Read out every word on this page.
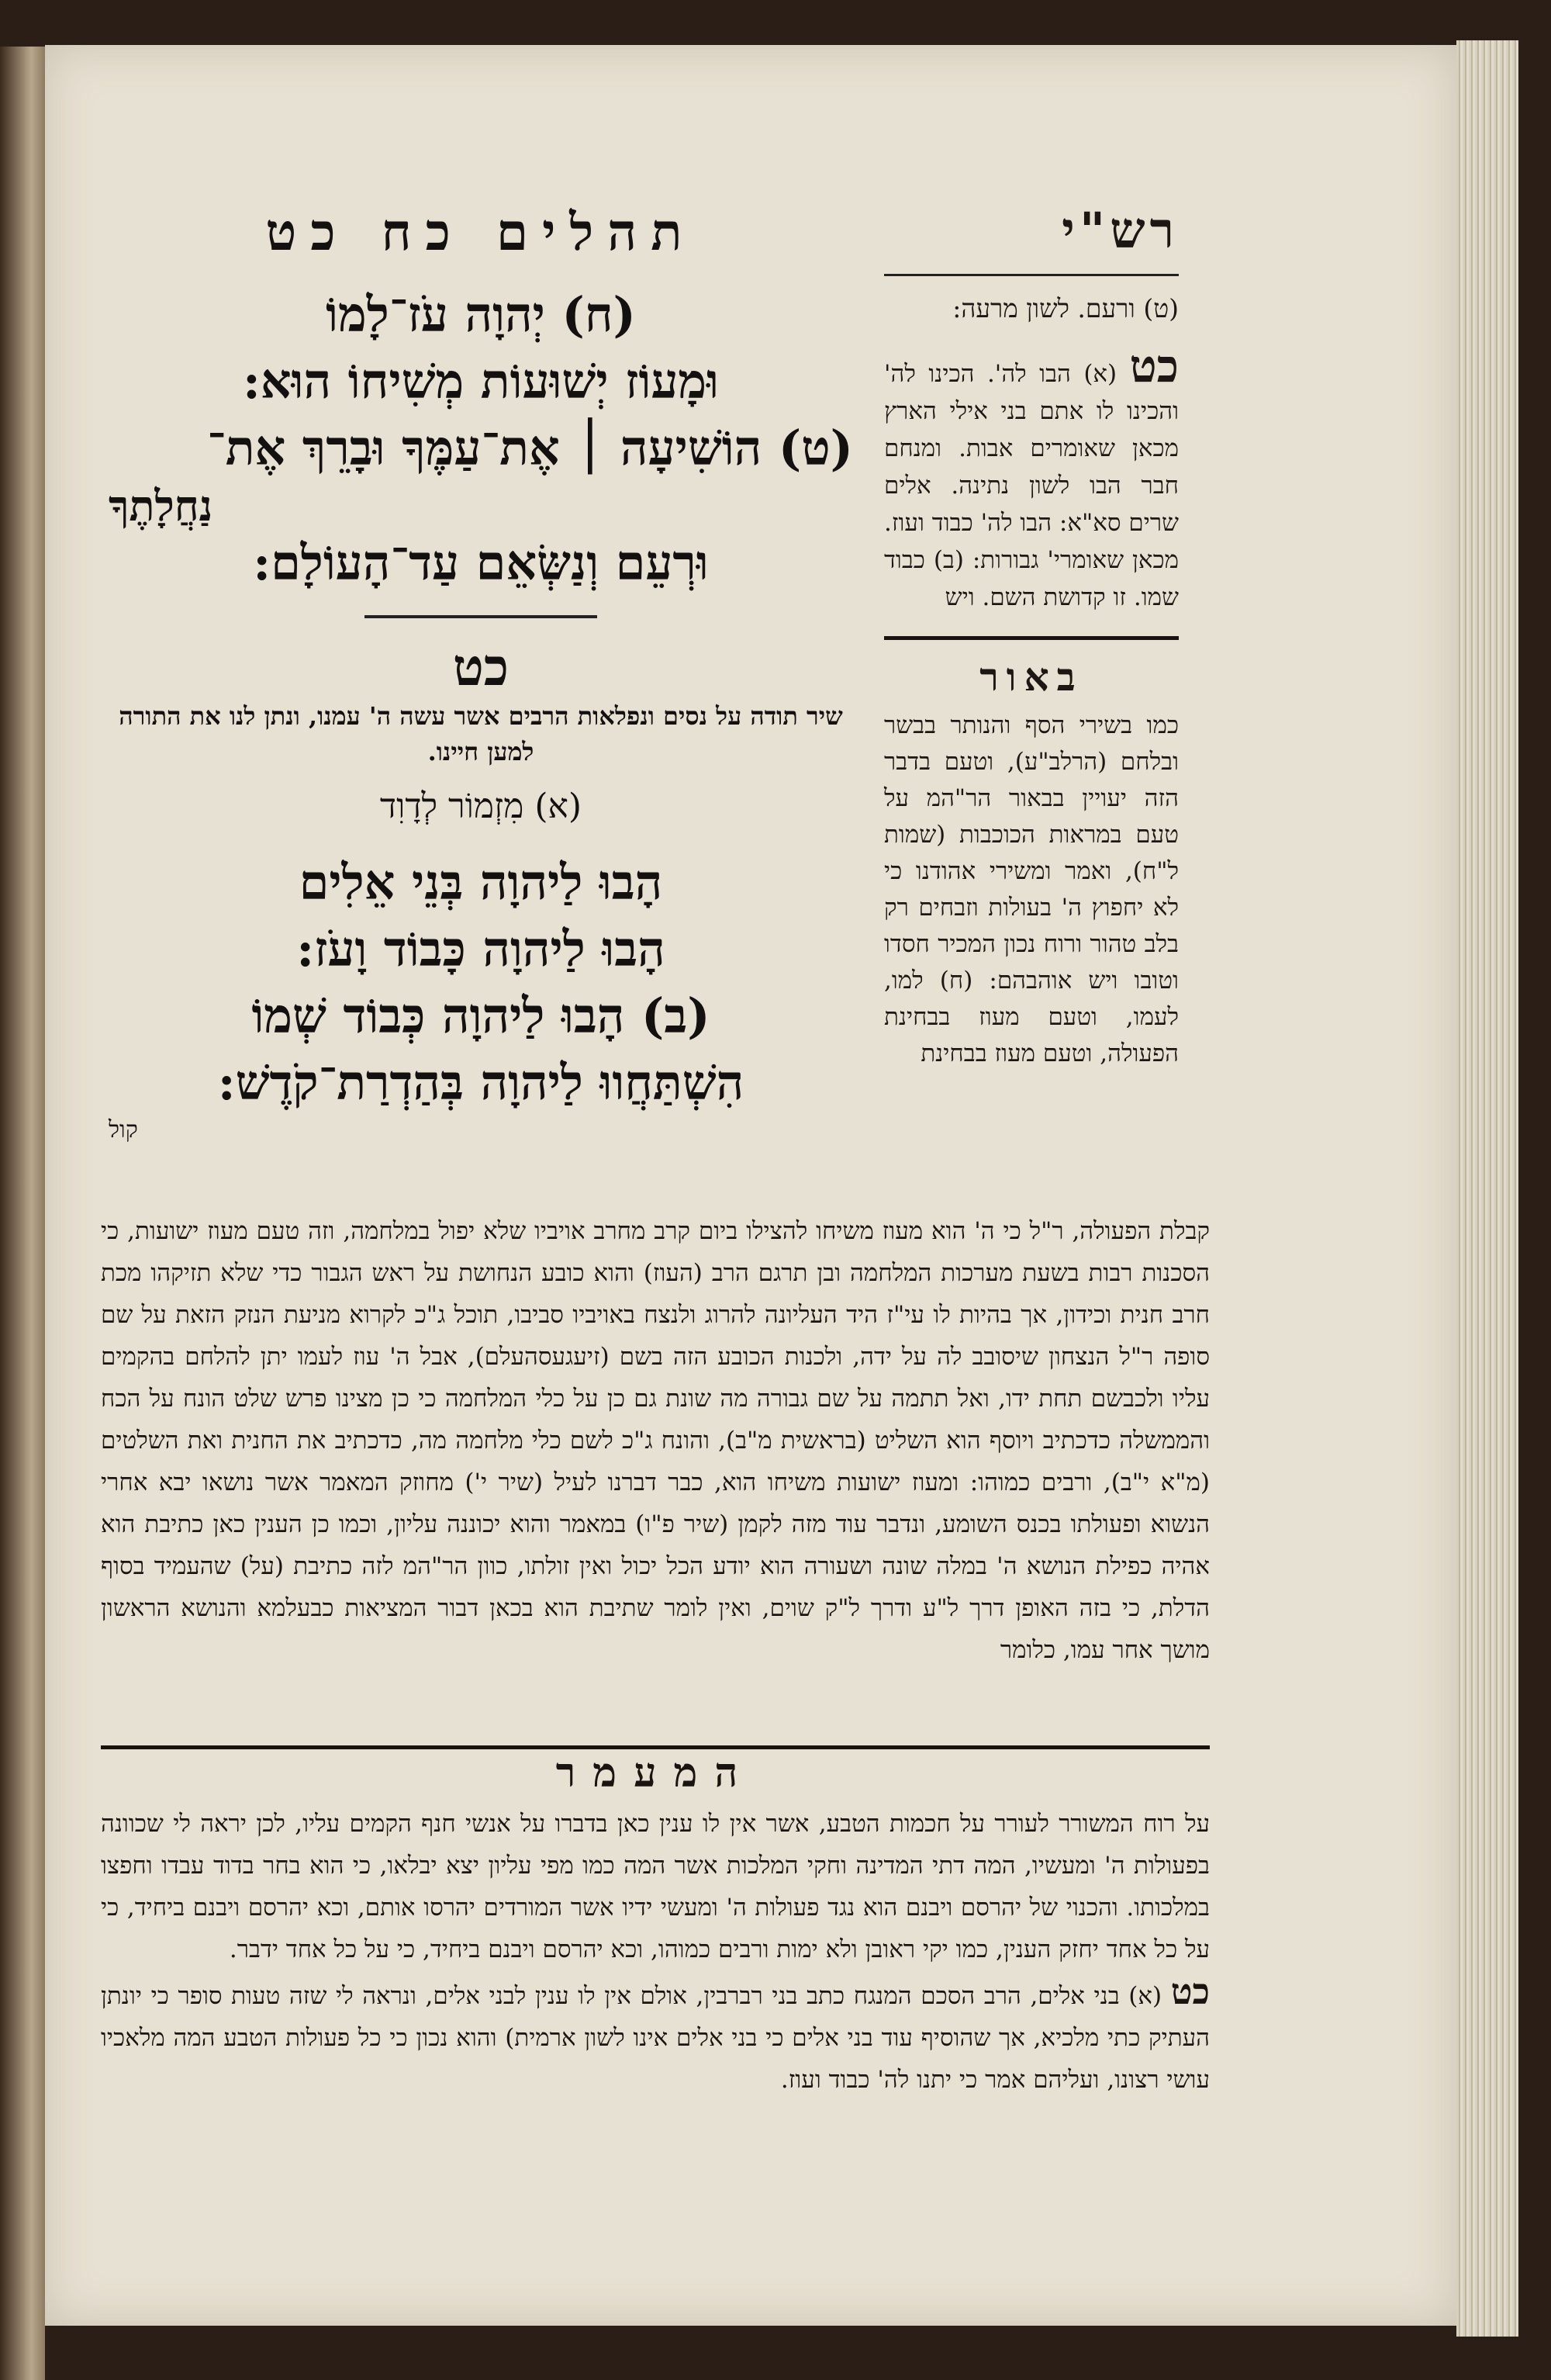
רש"י

(ט) ורעם. לשון מרעה:
כט (א) הבו לה'. הכינו לה' והכינו לו אתם בני אילי הארץ מכאן שאומרים אבות. ומנחם חבר הבו לשון נתינה. אלים שרים סא"א: הבו לה' כבוד ועוז. מכאן שאומרי' גבורות: (ב) כבוד שמו. זו קדושת השם. ויש

באור

כמו בשירי הסף והנותר בבשר ובלחם (הרלב"ע), וטעם בדבר הזה יעויין בבאור הר"המ על טעם במראות הכוכבות (שמות ל"ח), ואמר ומשירי אהודנו כי לא יחפוץ ה' בעולות וזבחים רק בלב טהור ורוח נכון המכיר חסדו וטובו ויש אוהבהם: (ח) למו, לעמו, וטעם מעוז בבחינת הפעולה, וטעם מעוז בבחינת

תהלים כח כט

(ח) יְהוָה עֹז־לָמוֹ

וּמָעוֹז יְשׁוּעוֹת מְשִׁיחוֹ הוּא:

(ט) הוֹשִׁיעָה ׀ אֶת־עַמֶּךָ וּבָרֵךְ אֶת־

נַחֲלָתֶךָ

וּרְעֵם וְנַשְּׂאֵם עַד־הָעוֹלָם:

כט

שיר תודה על נסים ונפלאות הרבים אשר עשה ה' עמנו, ונתן לנו את התורה למען חיינו.

(א) מִזְמוֹר לְדָוִד

הָבוּ לַיהוָה בְּנֵי אֵלִים

הָבוּ לַיהוָה כָּבוֹד וָעֹז:

(ב) הָבוּ לַיהוָה כְּבוֹד שְׁמוֹ

הִשְׁתַּחֲווּ לַיהוָה בְּהַדְרַת־קֹדֶשׁ:

קול

קבלת הפעולה, ר"ל כי ה' הוא מעוז משיחו להצילו ביום קרב מחרב אויביו שלא יפול במלחמה, וזה טעם מעוז ישועות, כי הסכנות רבות בשעת מערכות המלחמה ובן תרגם הרב (העוז) והוא כובע הנחושת על ראש הגבור כדי שלא תזיקהו מכת חרב חנית וכידון, אך בהיות לו עי"ז היד העליונה להרוג ולנצח באויביו סביבו, תוכל ג"כ לקרוא מניעת הנזק הזאת על שם סופה ר"ל הנצחון שיסובב לה על ידה, ולכנות הכובע הזה בשם (זיעגעסהעלם), אבל ה' עוז לעמו יתן להלחם בהקמים עליו ולכבשם תחת ידו, ואל תתמה על שם גבורה מה שונת גם כן על כלי המלחמה כי כן מצינו פרש שלט הונח על הכח והממשלה כדכתיב ויוסף הוא השליט (בראשית מ"ב), והונח ג"כ לשם כלי מלחמה מה, כדכתיב את החנית ואת השלטים (מ"א י"ב), ורבים כמוהו: ומעוז ישועות משיחו הוא, כבר דברנו לעיל (שיר י') מחוזק המאמר אשר נושאו יבא אחרי הנשוא ופעולתו בכנס השומע, ונדבר עוד מזה לקמן (שיר פ"ו) במאמר והוא יכוננה עליון, וכמו כן הענין כאן כתיבת הוא אהיה כפילת הנושא ה' במלה שונה ושעורה הוא יודע הכל יכול ואין זולתו, כוון הר"המ לזה כתיבת (על) שהעמיד בסוף הדלת, כי בזה האופן דרך ל"ע ודרך ל"ק שוים, ואין לומר שתיבת הוא בכאן דבור המציאות כבעלמא והנושא הראשון מושך אחר עמו, כלומר

המעמר

על רוח המשורר לעורר על חכמות הטבע, אשר אין לו ענין כאן בדברו על אנשי חנף הקמים עליו, לכן יראה לי שכוונה בפעולות ה' ומעשיו, המה דתי המדינה וחקי המלכות אשר המה כמו מפי עליון יצא יבלאו, כי הוא בחר בדוד עבדו וחפצו במלכותו. והכנוי של יהרסם ויבנם הוא נגד פעולות ה' ומעשי ידיו אשר המורדים יהרסו אותם, וכא יהרסם ויבנם ביחיד, כי על כל אחד יחזק הענין, כמו יקי ראובן ולא ימות ורבים כמוהו, וכא יהרסם ויבנם ביחיד, כי על כל אחד ידבר.
כט (א) בני אלים, הרב הסכם המנגח כתב בני רברבין, אולם אין לו ענין לבני אלים, ונראה לי שזה טעות סופר כי יונתן העתיק כתי מלכיא, אך שהוסיף עוד בני אלים כי בני אלים אינו לשון ארמית) והוא נכון כי כל פעולות הטבע המה מלאכיו עושי רצונו, ועליהם אמר כי יתנו לה' כבוד ועוז.
